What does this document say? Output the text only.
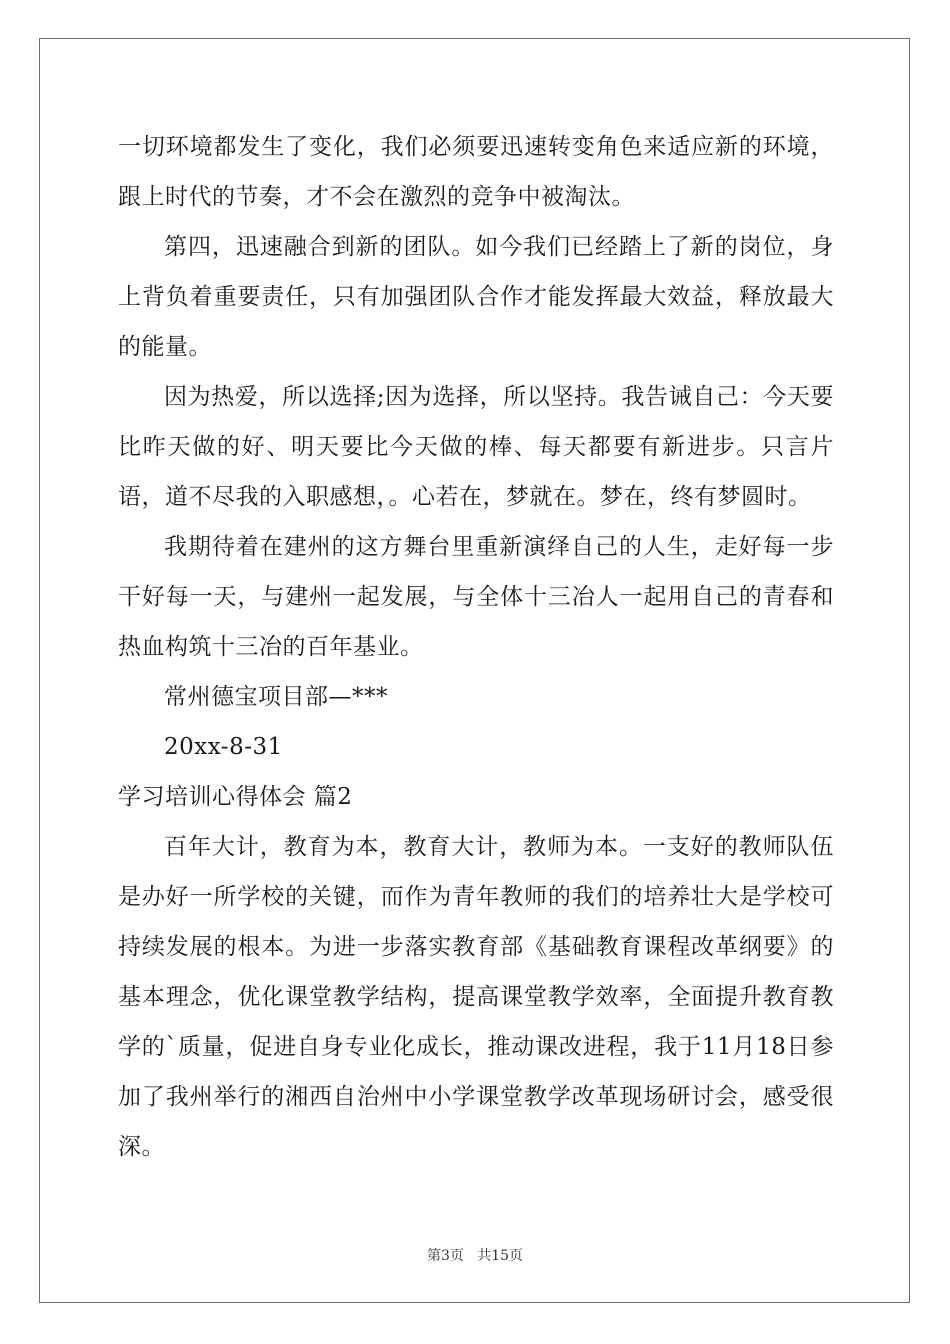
一切环境都发生了变化，我们必须要迅速转变角色来适应新的环境，跟上时代的节奏，才不会在激烈的竞争中被淘汰。

第四，迅速融合到新的团队。如今我们已经踏上了新的岗位，身上背负着重要责任，只有加强团队合作才能发挥最大效益，释放最大的能量。

因为热爱，所以选择;因为选择，所以坚持。我告诫自己：今天要比昨天做的好、明天要比今天做的棒、每天都要有新进步。只言片语，道不尽我的入职感想，。心若在，梦就在。梦在，终有梦圆时。

我期待着在建州的这方舞台里重新演绎自己的人生，走好每一步干好每一天，与建州一起发展，与全体十三冶人一起用自己的青春和热血构筑十三冶的百年基业。

常州德宝项目部—***

20xx-8-31

学习培训心得体会 篇2

百年大计，教育为本，教育大计，教师为本。一支好的教师队伍是办好一所学校的关键，而作为青年教师的我们的培养壮大是学校可持续发展的根本。为进一步落实教育部《基础教育课程改革纲要》的基本理念，优化课堂教学结构，提高课堂教学效率，全面提升教育教学的`质量，促进自身专业化成长，推动课改进程，我于11月18日参加了我州举行的湘西自治州中小学课堂教学改革现场研讨会，感受很深。

第3页   共15页
